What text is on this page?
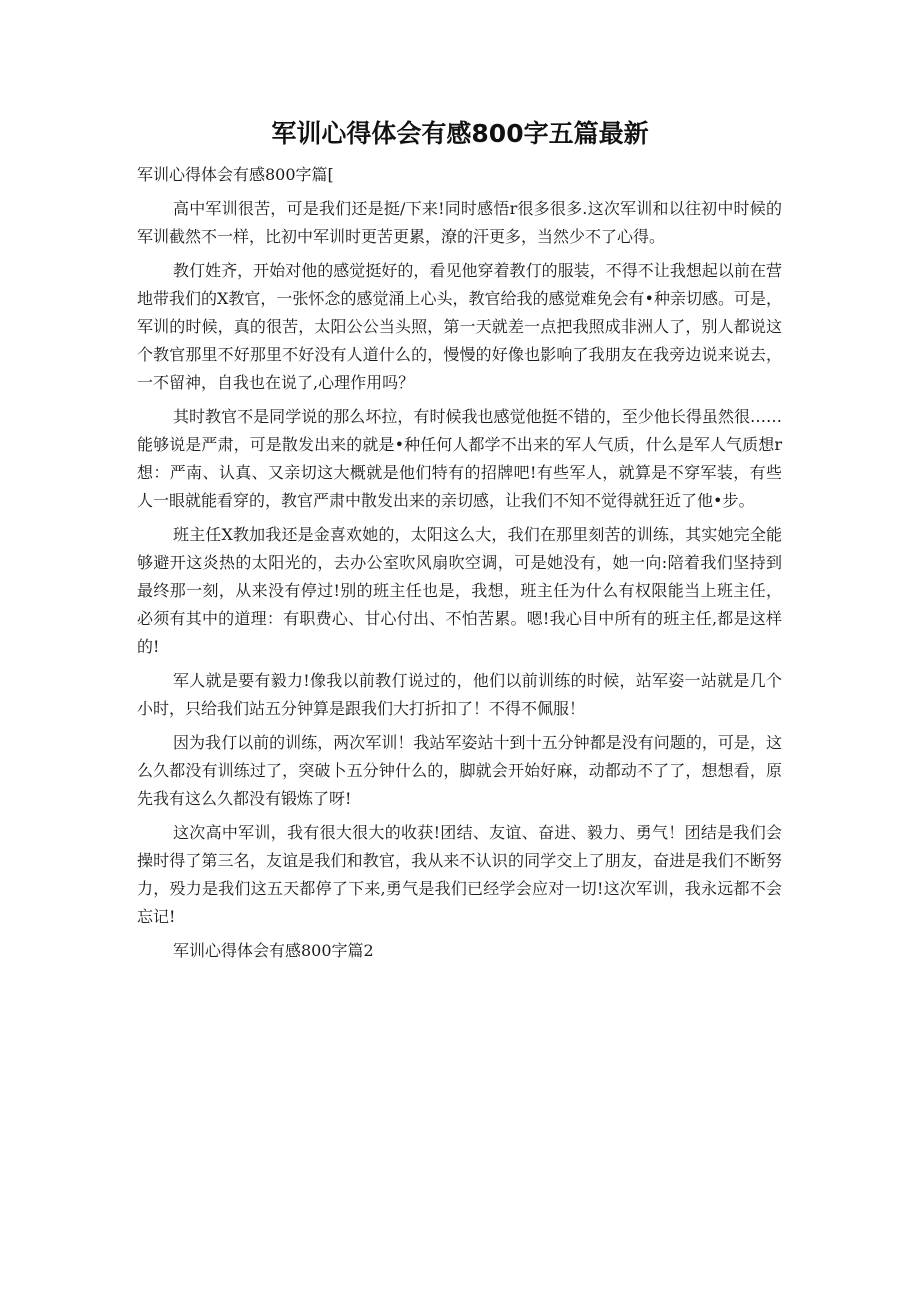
军训心得体会有感800字五篇最新

军训心得体会有感800字篇[

高中军训很苦，可是我们还是挺/下来!同时感悟r很多很多.这次军训和以往初中时候的军训截然不一样，比初中军训时更苦更累，潦的汗更多，当然少不了心得。

教仃姓齐，开始对他的感觉挺好的，看见他穿着教仃的服装，不得不让我想起以前在营地带我们的X教官，一张怀念的感觉涌上心头，教官给我的感觉难免会有•种亲切感。可是，军训的时候，真的很苦，太阳公公当头照，第一天就差一点把我照成非洲人了，别人都说这个教官那里不好那里不好没有人道什么的，慢慢的好像也影响了我朋友在我旁边说来说去，一不留神，自我也在说了,心理作用吗？

其时教官不是同学说的那么坏拉，有时候我也感觉他挺不错的，至少他长得虽然很……能够说是严肃，可是散发出来的就是•种任何人都学不出来的军人气质，什么是军人气质想r想：严南、认真、又亲切这大概就是他们特有的招牌吧!有些军人，就算是不穿军装，有些人一眼就能看穿的，教官严肃中散发出来的亲切感，让我们不知不觉得就狂近了他•步。

班主任X教加我还是金喜欢她的，太阳这么大，我们在那里刻苦的训练，其实她完全能够避开这炎热的太阳光的，去办公室吹风扇吹空调，可是她没有，她一向:陪着我们坚持到最终那一刻，从来没有停过!别的班主任也是，我想，班主任为什么有权限能当上班主任，必须有其中的道理：有职费心、甘心付出、不怕苦累。嗯!我心目中所有的班主任,都是这样的!

军人就是要有毅力!像我以前教仃说过的，他们以前训练的时候，站军姿一站就是几个小时，只给我们站五分钟算是跟我们大打折扣了！不得不佩服！

因为我仃以前的训练，两次军训！我站军姿站十到十五分钟都是没有问题的，可是，这么久都没有训练过了，突破卜五分钟什么的，脚就会开始好麻，动都动不了了，想想看，原先我有这么久都没有锻炼了呀!

这次高中军训，我有很大很大的收获!团结、友谊、奋进、毅力、勇气！团结是我们会操时得了第三名，友谊是我们和教官，我从来不认识的同学交上了朋友，奋进是我们不断努力，殁力是我们这五天都停了下来,勇气是我们已经学会应对一切!这次军训，我永远都不会忘记!

军训心得体会有感800字篇2
